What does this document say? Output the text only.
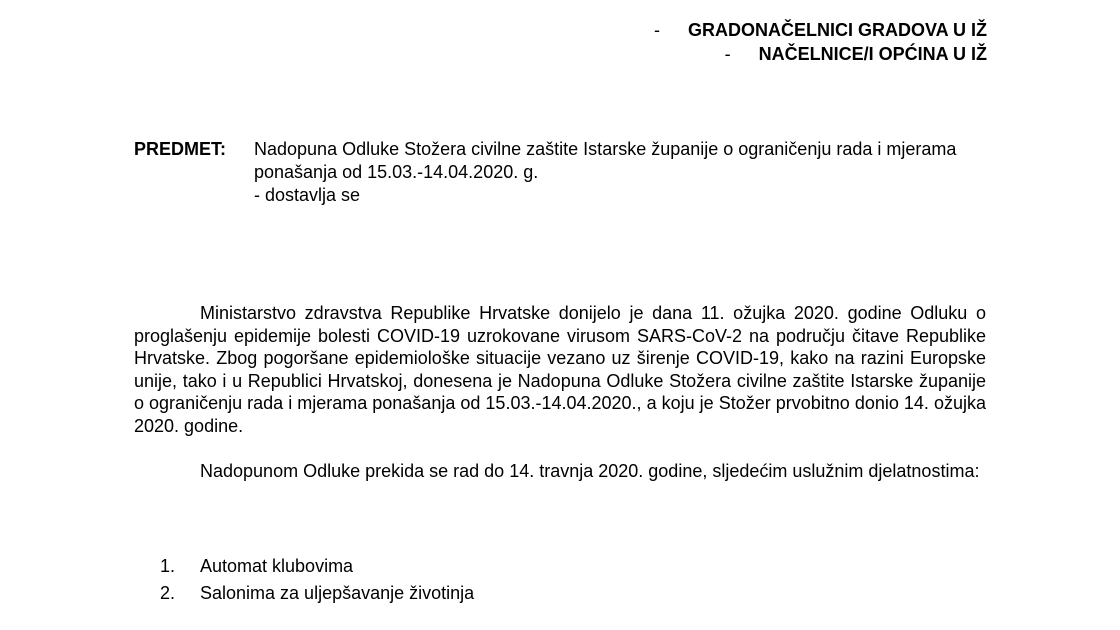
- GRADONAČELNICI GRADOVA U IŽ
- NAČELNICE/I OPĆINA U IŽ
PREDMET: Nadopuna Odluke Stožera civilne zaštite Istarske županije o ograničenju rada i mjerama ponašanja od 15.03.-14.04.2020. g.
- dostavlja se

Ministarstvo zdravstva Republike Hrvatske donijelo je dana 11. ožujka 2020. godine Odluku o proglašenju epidemije bolesti COVID-19 uzrokovane virusom SARS-CoV-2 na području čitave Republike Hrvatske. Zbog pogoršane epidemiološke situacije vezano uz širenje COVID-19, kako na razini Europske unije, tako i u Republici Hrvatskoj, donesena je Nadopuna Odluke Stožera civilne zaštite Istarske županije o ograničenju rada i mjerama ponašanja od 15.03.-14.04.2020., a koju je Stožer prvobitno donio 14. ožujka 2020. godine.

Nadopunom Odluke prekida se rad do 14. travnja 2020. godine, sljedećim uslužnim djelatnostima:

1.	Automat klubovima
2.	Salonima za uljepšavanje životinja
